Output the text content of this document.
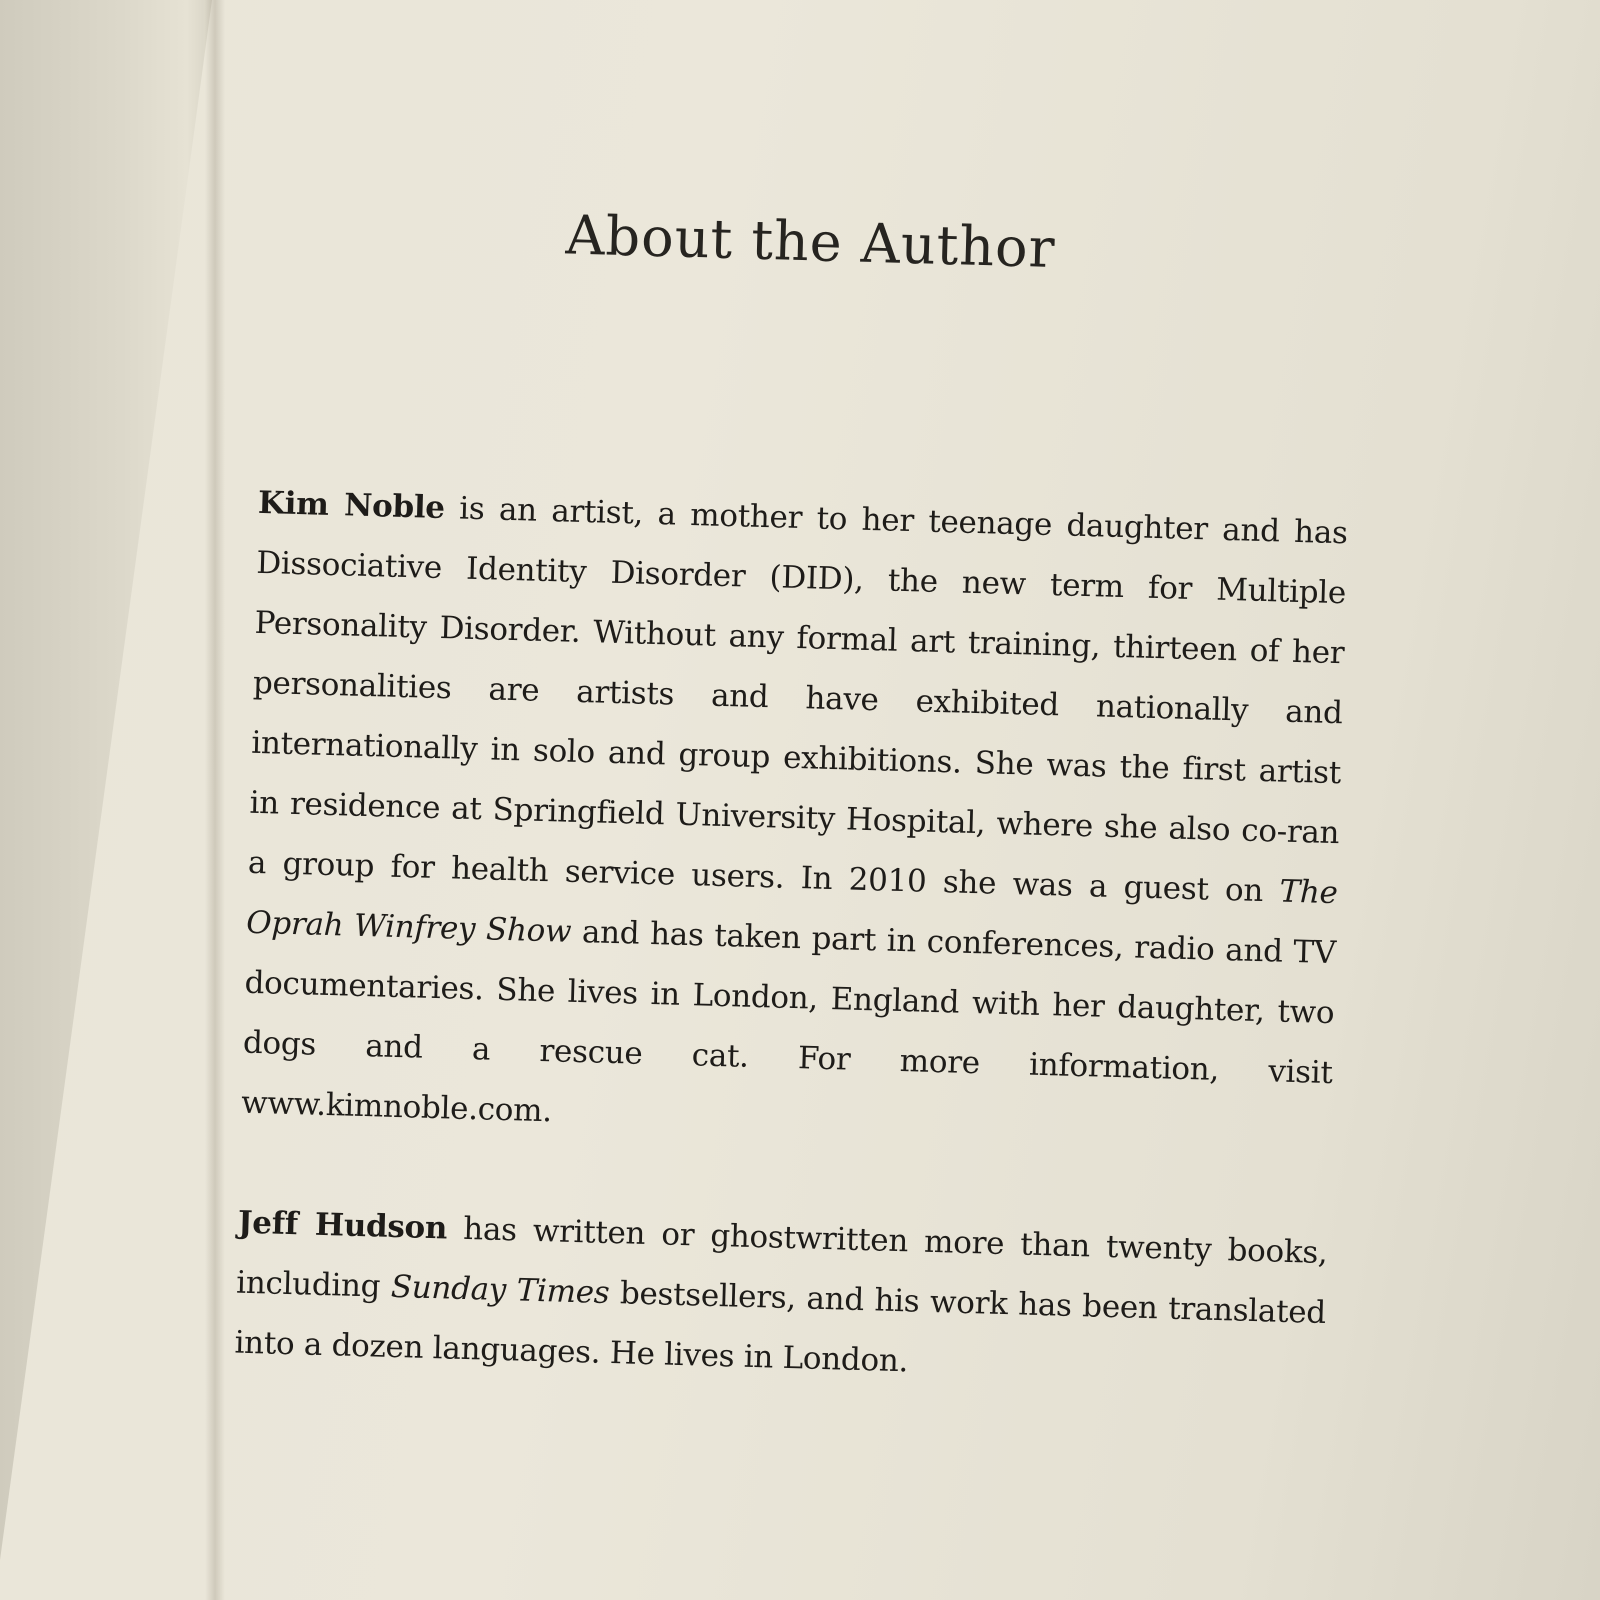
About the Author

Kim Noble is an artist, a mother to her teenage daughter and has Dissociative Identity Disorder (DID), the new term for Multiple Personality Disorder. Without any formal art training, thirteen of her personalities are artists and have exhibited nationally and internationally in solo and group exhibitions. She was the first artist in residence at Springfield University Hospital, where she also co-ran a group for health service users. In 2010 she was a guest on The Oprah Winfrey Show and has taken part in conferences, radio and TV documentaries. She lives in London, England with her daughter, two dogs and a rescue cat. For more information, visit www.kimnoble.com.

Jeff Hudson has written or ghostwritten more than twenty books, including Sunday Times bestsellers, and his work has been translated into a dozen languages. He lives in London.
